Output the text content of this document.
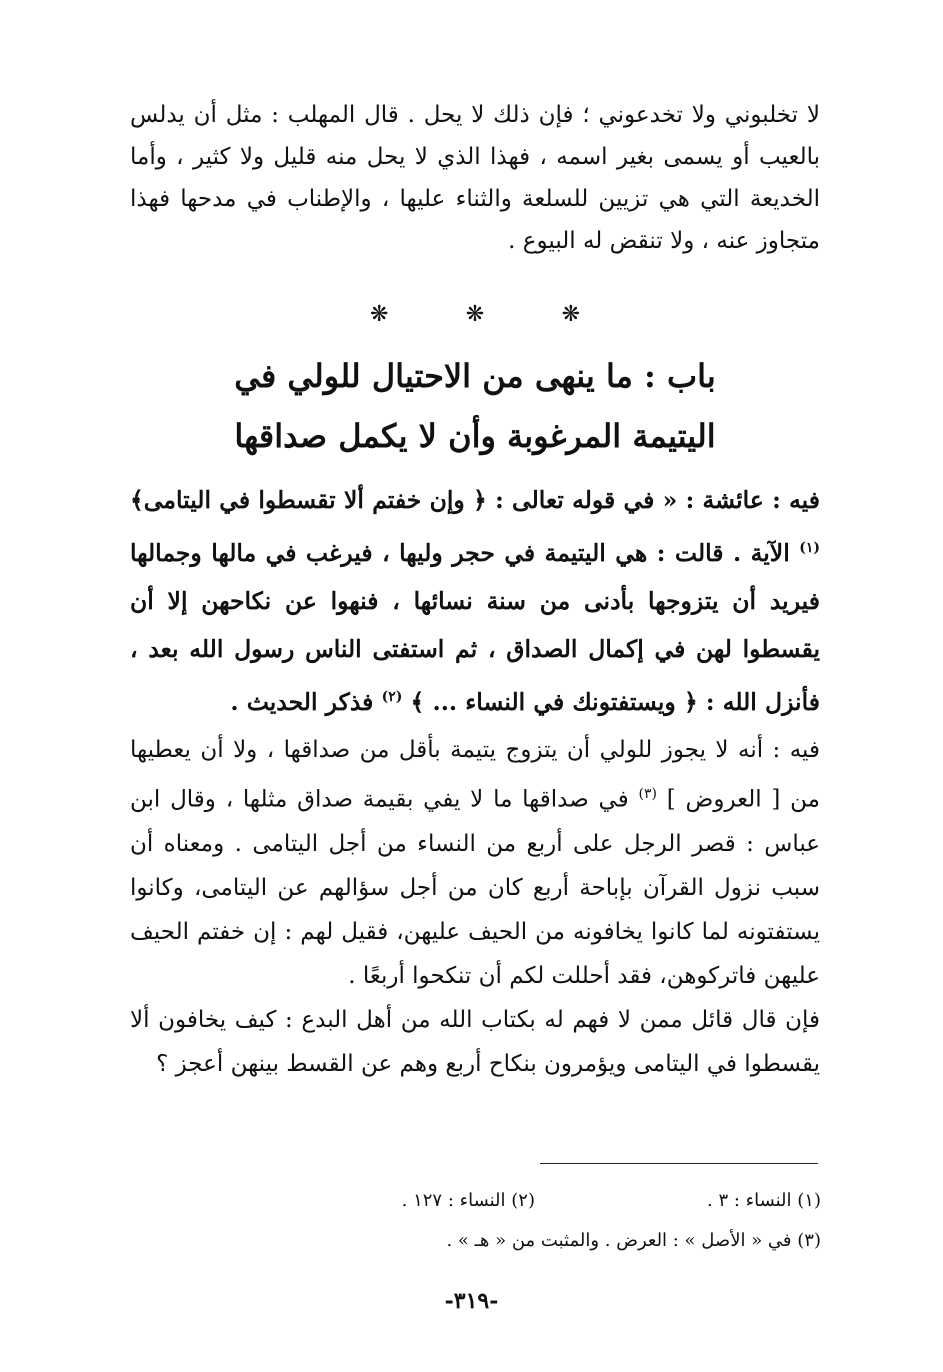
لا تخلبوني ولا تخدعوني ؛ فإن ذلك لا يحل . قال المهلب : مثل أن يدلس بالعيب أو يسمى بغير اسمه ، فهذا الذي لا يحل منه قليل ولا كثير ، وأما الخديعة التي هي تزيين للسلعة والثناء عليها ، والإطناب في مدحها فهذا متجاوز عنه ، ولا تنقض له البيوع .

❋	❋	❋
باب : ما ينهى من الاحتيال للولي في
اليتيمة المرغوبة وأن لا يكمل صداقها

فيه : عائشة : « في قوله تعالى : ﴿ وإن خفتم ألا تقسطوا في اليتامى﴾$^{(١)}$ الآية . قالت : هي اليتيمة في حجر وليها ، فيرغب في مالها وجمالها فيريد أن يتزوجها بأدنى من سنة نسائها ، فنهوا عن نكاحهن إلا أن يقسطوا لهن في إكمال الصداق ، ثم استفتى الناس رسول الله بعد ، فأنزل الله : ﴿ ويستفتونك في النساء ... ﴾ $^{(٢)}$ فذكر الحديث .

فيه : أنه لا يجوز للولي أن يتزوج يتيمة بأقل من صداقها ، ولا أن يعطيها من [ العروض ] $^{(٣)}$ في صداقها ما لا يفي بقيمة صداق مثلها ، وقال ابن عباس : قصر الرجل على أربع من النساء من أجل اليتامى . ومعناه أن سبب نزول القرآن بإباحة أربع كان من أجل سؤالهم عن اليتامى، وكانوا يستفتونه لما كانوا يخافونه من الحيف عليهن، فقيل لهم : إن خفتم الحيف عليهن فاتركوهن، فقد أحللت لكم أن تنكحوا أربعًا .

فإن قال قائل ممن لا فهم له بكتاب الله من أهل البدع : كيف يخافون ألا يقسطوا في اليتامى ويؤمرون بنكاح أربع وهم عن القسط بينهن أعجز ؟

(١) النساء : ٣ .
(٢) النساء : ١٢٧ .
(٣) في « الأصل » : العرض . والمثبت من « هـ » .
-٣١٩-
